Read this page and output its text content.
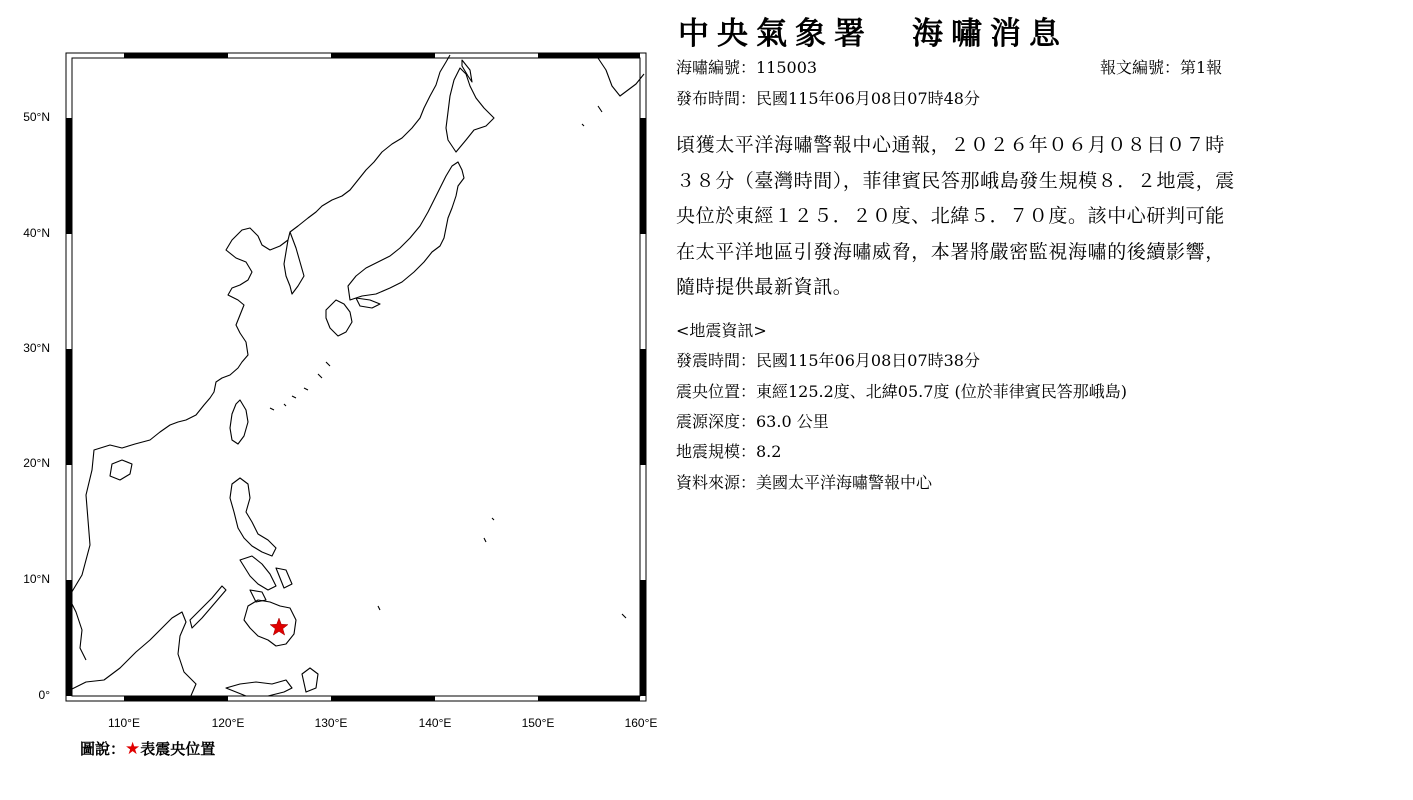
50°N
40°N
30°N
20°N
10°N
0°
110°E	120°E	130°E	140°E	150°E	160°E
圖說：★表震央位置
中央氣象署　海嘯消息
海嘯編號：115003	報文編號：第1報
發布時間：民國115年06月08日07時48分
頃獲太平洋海嘯警報中心通報，２０２６年０６月０８日０７時３８分（臺灣時間），菲律賓民答那峨島發生規模８．２地震，震央位於東經１２５．２０度、北緯５．７０度。該中心研判可能在太平洋地區引發海嘯威脅，本署將嚴密監視海嘯的後續影響，隨時提供最新資訊。
<地震資訊>
發震時間：民國115年06月08日07時38分
震央位置：東經125.2度、北緯05.7度 (位於菲律賓民答那峨島)
震源深度：63.0 公里
地震規模：8.2
資料來源：美國太平洋海嘯警報中心
